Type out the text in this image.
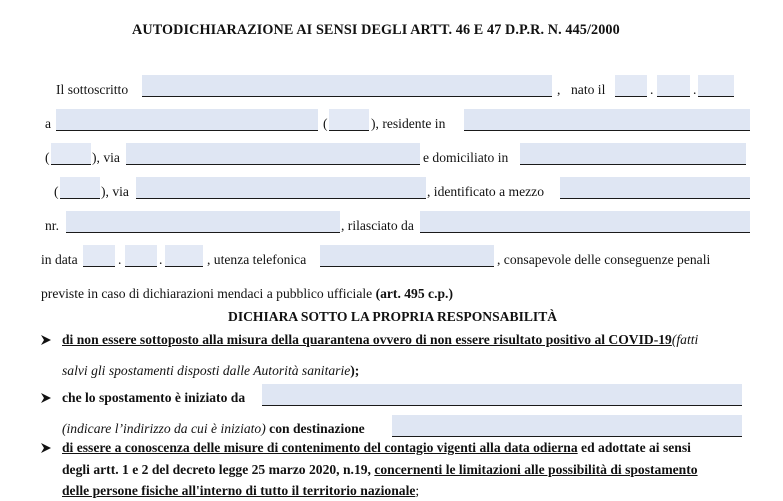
AUTODICHIARAZIONE AI SENSI DEGLI ARTT. 46 E 47 D.P.R. N. 445/2000
Il sottoscritto	, nato il	.	.
a	(	), residente in
(	), via	e domiciliato in
(	), via	, identificato a mezzo
nr.	, rilasciato da
in data	.	.	, utenza telefonica	, consapevole delle conseguenze penali
previste in caso di dichiarazioni mendaci a pubblico ufficiale (art. 495 c.p.)
DICHIARA SOTTO LA PROPRIA RESPONSABILITÀ
di non essere sottoposto alla misura della quarantena ovvero di non essere risultato positivo al COVID-19(fatti
salvi gli spostamenti disposti dalle Autorità sanitarie);
che lo spostamento è iniziato da
(indicare l’indirizzo da cui è iniziato) con destinazione
di essere a conoscenza delle misure di contenimento del contagio vigenti alla data odierna ed adottate ai sensi
degli artt. 1 e 2 del decreto legge 25 marzo 2020, n.19, concernenti le limitazioni alle possibilità di spostamento
delle persone fisiche all'interno di tutto il territorio nazionale;
